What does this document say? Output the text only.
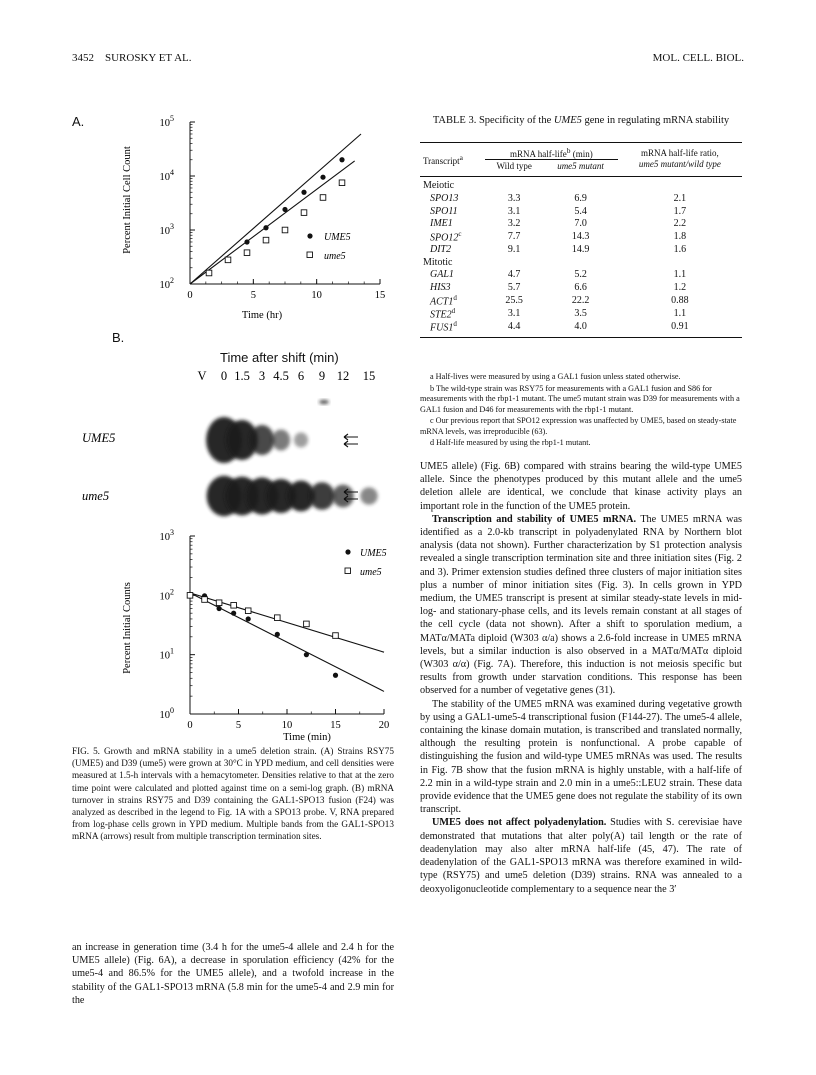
3452 SUROSKY ET AL.	MOL. CELL. BIOL.
A.
Percent Initial Cell Count
Time (hr)
UME5
ume5
$10^2$
$10^3$
$10^4$
$10^5$
0	5	10	15
B.
Time after shift (min)
V 0 1.5 3 4.5 6 9 12 15
UME5
ume5
Percent Initial Counts
Time (min)
UME5
ume5
$10^0$
$10^1$
$10^2$
$10^3$
0	5	10	15	20

FIG. 5. Growth and mRNA stability in a ume5 deletion strain. (A) Strains RSY75 (UME5) and D39 (ume5) were grown at 30°C in YPD medium, and cell densities were measured at 1.5-h intervals with a hemacytometer. Densities relative to that at the zero time point were calculated and plotted against time on a semi-log graph. (B) mRNA turnover in strains RSY75 and D39 containing the GAL1-SPO13 fusion (F24) was analyzed as described in the legend to Fig. 1A with a SPO13 probe. V, RNA prepared from log-phase cells grown in YPD medium. Multiple bands from the GAL1-SPO13 mRNA (arrows) result from multiple transcription termination sites.

an increase in generation time (3.4 h for the ume5-4 allele and 2.4 h for the UME5 allele) (Fig. 6A), a decrease in sporulation efficiency (42% for the ume5-4 and 86.5% for the UME5 allele), and a twofold increase in the stability of the GAL1-SPO13 mRNA (5.8 min for the ume5-4 and 2.9 min for the

TABLE 3. Specificity of the UME5 gene in regulating mRNA stability
Transcript$^a$	mRNA half-life$^b$ (min)		mRNA half-life ratio,
ume5 mutant/wild type
	Wild type	ume5 mutant	
Meiotic			
SPO13	3.3	6.9	2.1
SPO11	3.1	5.4	1.7
IME1	3.2	7.0	2.2
SPO12$^c$	7.7	14.3	1.8
DIT2	9.1	14.9	1.6
Mitotic			
GAL1	4.7	5.2	1.1
HIS3	5.7	6.6	1.2
ACT1$^d$	25.5	22.2	0.88
STE2$^d$	3.1	3.5	1.1
FUS1$^d$	4.4	4.0	0.91

a Half-lives were measured by using a GAL1 fusion unless stated otherwise.

b The wild-type strain was RSY75 for measurements with a GAL1 fusion and S86 for measurements with the rbp1-1 mutant. The ume5 mutant strain was D39 for measurements with a GAL1 fusion and D46 for measurements with the rbp1-1 mutant.

c Our previous report that SPO12 expression was unaffected by UME5, based on steady-state mRNA levels, was irreproducible (63).

d Half-life measured by using the rbp1-1 mutant.

UME5 allele) (Fig. 6B) compared with strains bearing the wild-type UME5 allele. Since the phenotypes produced by this mutant allele and the ume5 deletion allele are identical, we conclude that kinase activity plays an important role in the function of the UME5 protein.

Transcription and stability of UME5 mRNA. The UME5 mRNA was identified as a 2.0-kb transcript in polyadenylated RNA by Northern blot analysis (data not shown). Further characterization by S1 protection analysis revealed a single transcription termination site and three initiation sites (Fig. 2 and 3). Primer extension studies defined three clusters of major initiation sites plus a number of minor initiation sites (Fig. 3). In cells grown in YPD medium, the UME5 transcript is present at similar steady-state levels in mid-log- and stationary-phase cells, and its levels remain constant at all stages of the cell cycle (data not shown). After a shift to sporulation medium, a MATα/MATa diploid (W303 α/a) shows a 2.6-fold increase in UME5 mRNA levels, but a similar induction is also observed in a MATα/MATα diploid (W303 α/α) (Fig. 7A). Therefore, this induction is not meiosis specific but results from growth under starvation conditions. This response has been observed for a number of vegetative genes (31).

The stability of the UME5 mRNA was examined during vegetative growth by using a GAL1-ume5-4 transcriptional fusion (F144-27). The ume5-4 allele, containing the kinase domain mutation, is transcribed and translated normally, although the resulting protein is nonfunctional. A probe capable of distinguishing the fusion and wild-type UME5 mRNAs was used. The results in Fig. 7B show that the fusion mRNA is highly unstable, with a half-life of 2.2 min in a wild-type strain and 2.0 min in a ume5::LEU2 strain. These data provide evidence that the UME5 gene does not regulate the stability of its own transcript.

UME5 does not affect polyadenylation. Studies with S. cerevisiae have demonstrated that mutations that alter poly(A) tail length or the rate of deadenylation may also alter mRNA half-life (45, 47). The rate of deadenylation of the GAL1-SPO13 mRNA was therefore examined in wild-type (RSY75) and ume5 deletion (D39) strains. RNA was annealed to a deoxyoligonucleotide complementary to a sequence near the 3′
